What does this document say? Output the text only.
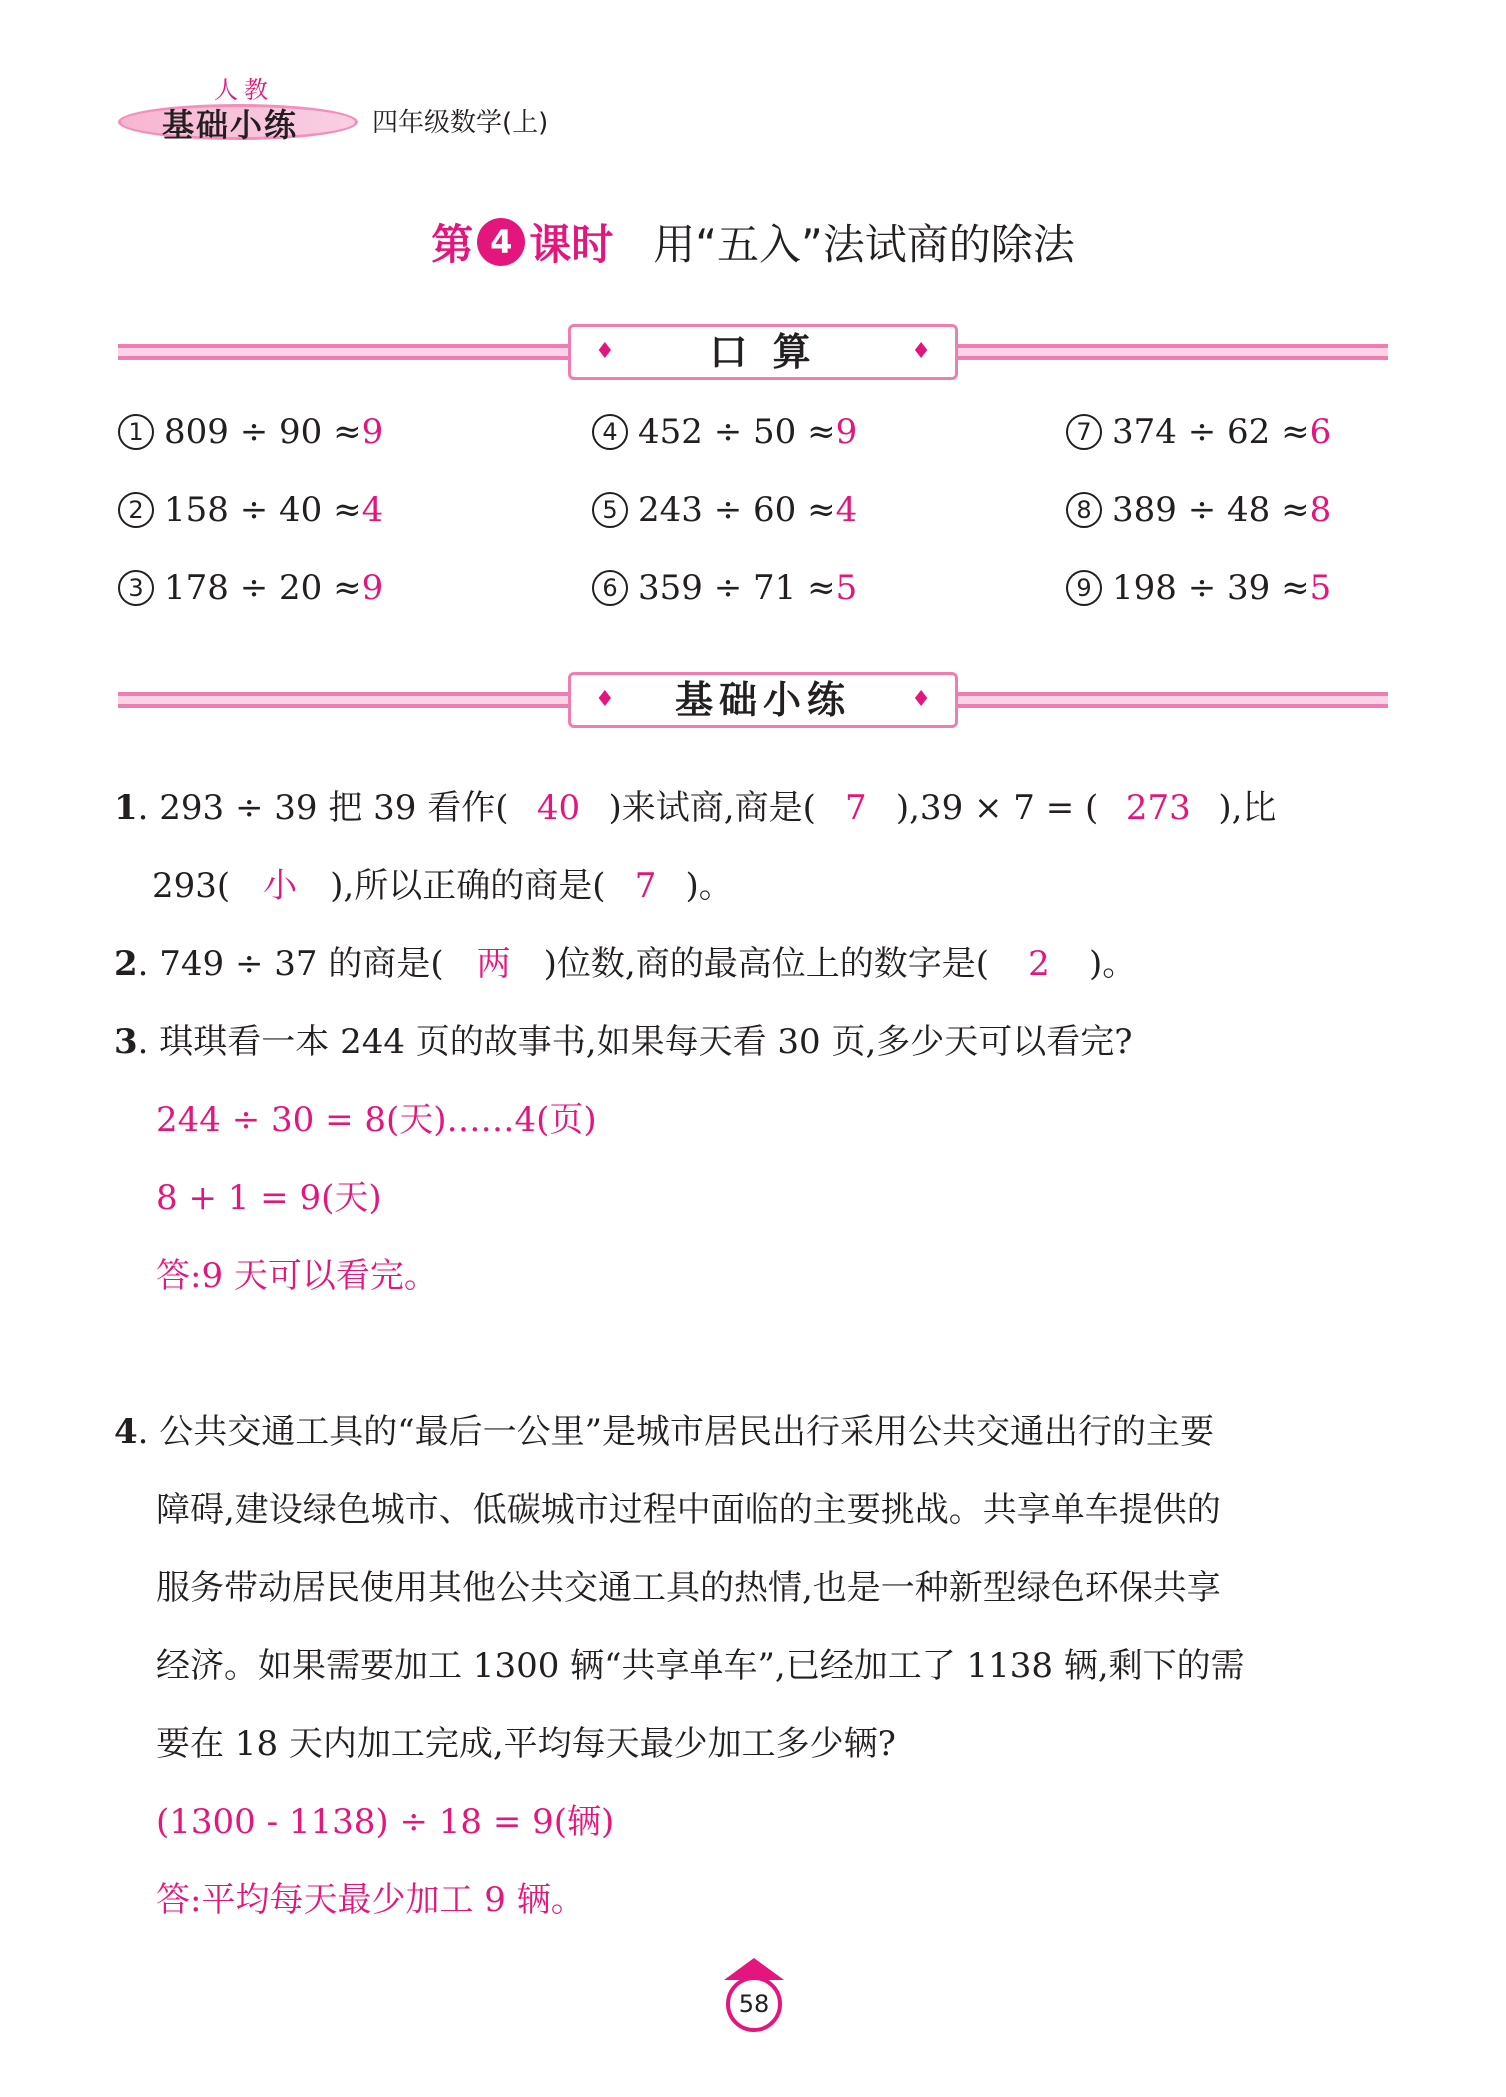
人教
基础小练	四年级数学(上)
第 4 课时 用“五入”法试商的除法
♦ 口 算	♦
1 809 ÷ 90 ≈9
2 158 ÷ 40 ≈4
3 178 ÷ 20 ≈9
4 452 ÷ 50 ≈9
5 243 ÷ 60 ≈4
6 359 ÷ 71 ≈5
7 374 ÷ 62 ≈6
8 389 ÷ 48 ≈8
9 198 ÷ 39 ≈5
♦ 基础小练	♦
1. 293 ÷ 39 把 39 看作( 40 )来试商,商是( 7 ),39 × 7 = ( 273 ),比
293( 小 ),所以正确的商是( 7 )。
2. 749 ÷ 37 的商是( 两 )位数,商的最高位上的数字是( 2 )。
3. 琪琪看一本 244 页的故事书,如果每天看 30 页,多少天可以看完?
244 ÷ 30 = 8(天)……4(页)
8 + 1 = 9(天)
答:9 天可以看完。
4. 公共交通工具的“最后一公里”是城市居民出行采用公共交通出行的主要
障碍,建设绿色城市、低碳城市过程中面临的主要挑战。共享单车提供的
服务带动居民使用其他公共交通工具的热情,也是一种新型绿色环保共享
经济。如果需要加工 1300 辆“共享单车”,已经加工了 1138 辆,剩下的需
要在 18 天内加工完成,平均每天最少加工多少辆?
(1300 - 1138) ÷ 18 = 9(辆)
答:平均每天最少加工 9 辆。
58
